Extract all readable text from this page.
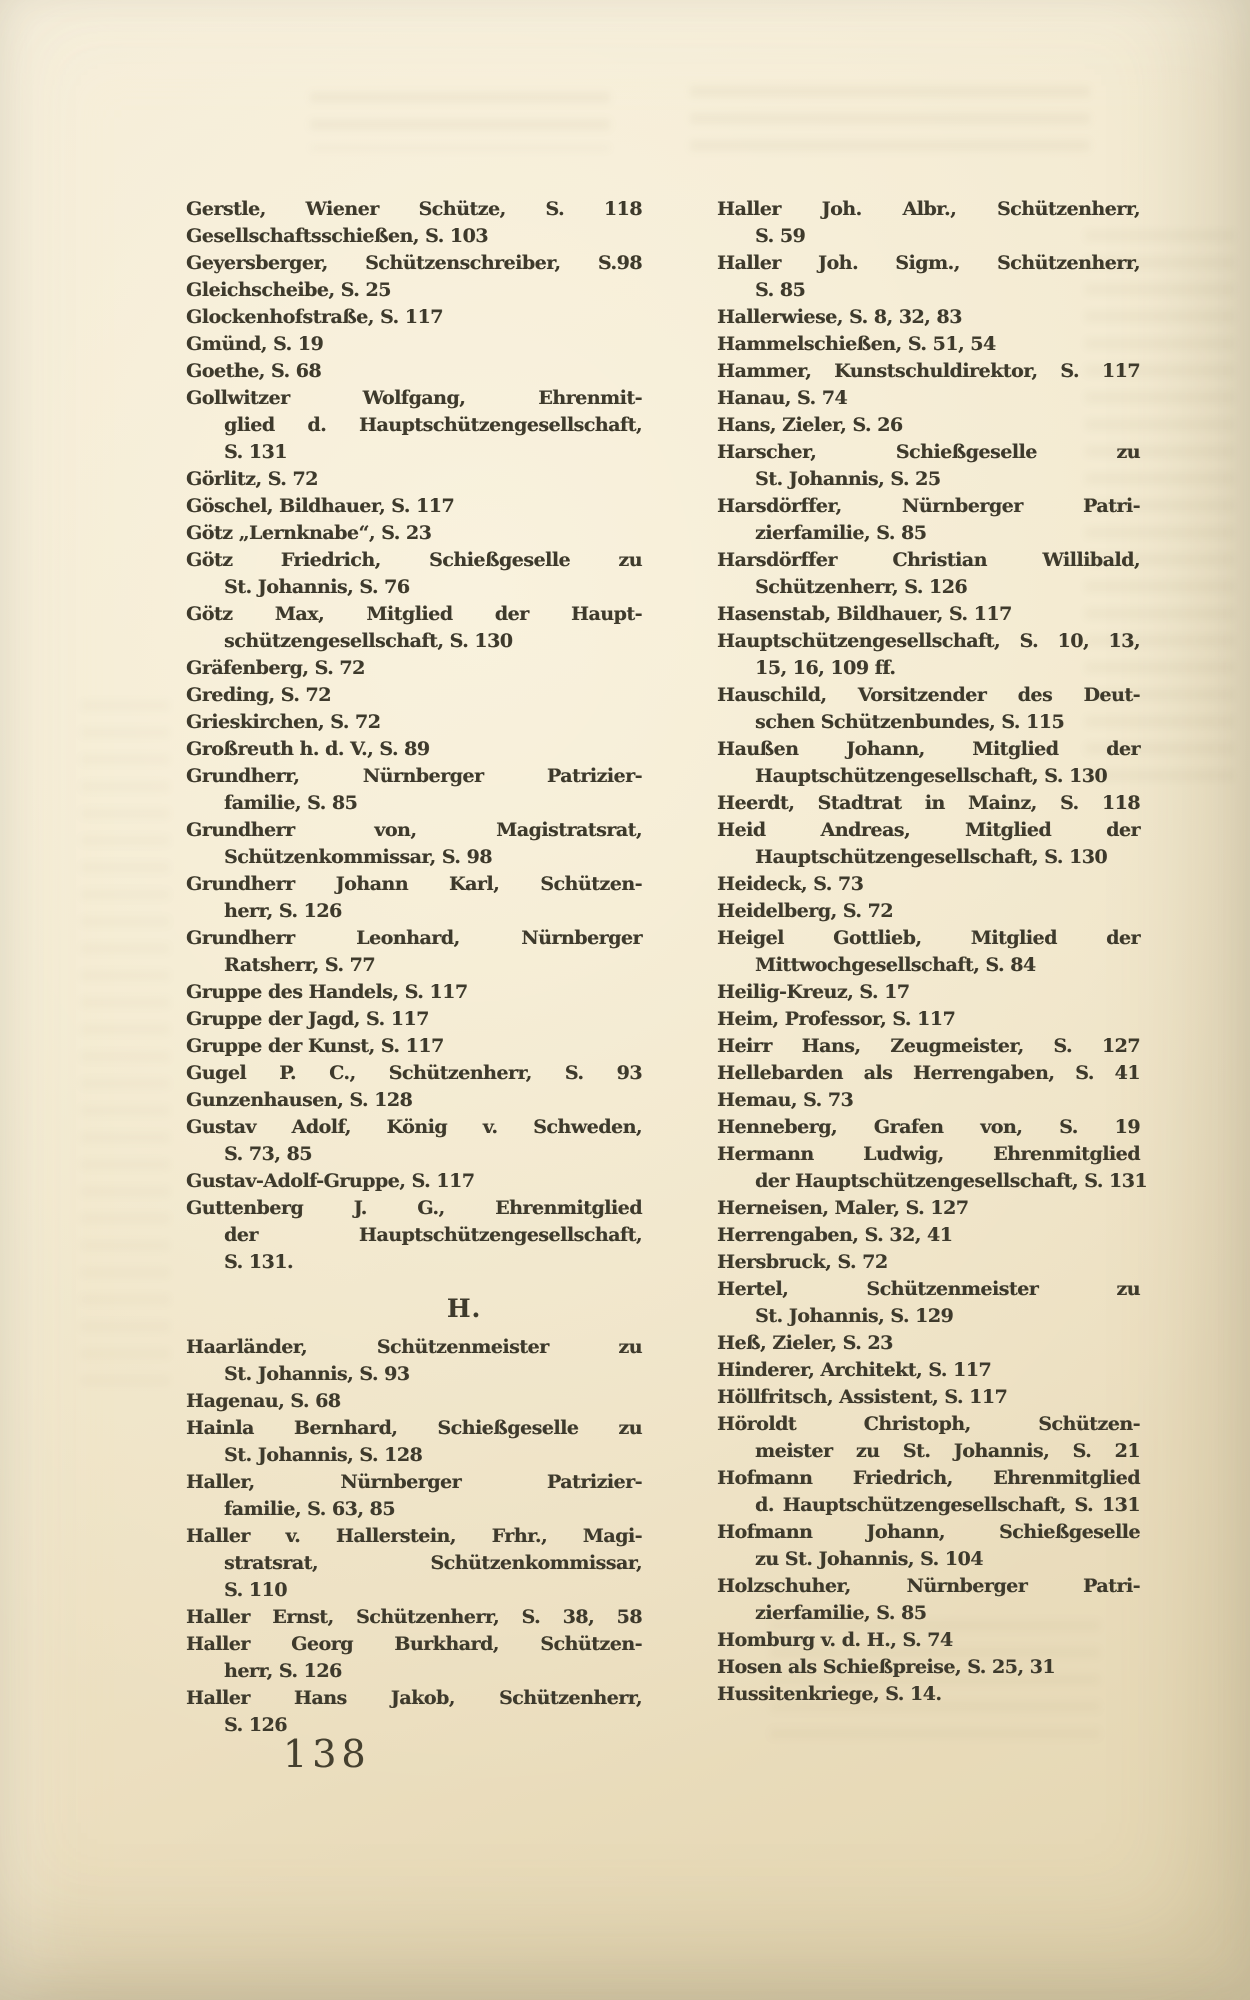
Gerstle, Wiener Schütze, S. 118
Gesellschaftsschießen, S. 103
Geyersberger, Schützenschreiber, S.98
Gleichscheibe, S. 25
Glockenhofstraße, S. 117
Gmünd, S. 19
Goethe, S. 68
Gollwitzer Wolfgang, Ehrenmit-
glied d. Hauptschützengesellschaft,
S. 131
Görlitz, S. 72
Göschel, Bildhauer, S. 117
Götz „Lernknabe“, S. 23
Götz Friedrich, Schießgeselle zu
St. Johannis, S. 76
Götz Max, Mitglied der Haupt-
schützengesellschaft, S. 130
Gräfenberg, S. 72
Greding, S. 72
Grieskirchen, S. 72
Großreuth h. d. V., S. 89
Grundherr, Nürnberger Patrizier-
familie, S. 85
Grundherr von, Magistratsrat,
Schützenkommissar, S. 98
Grundherr Johann Karl, Schützen-
herr, S. 126
Grundherr Leonhard, Nürnberger
Ratsherr, S. 77
Gruppe des Handels, S. 117
Gruppe der Jagd, S. 117
Gruppe der Kunst, S. 117
Gugel P. C., Schützenherr, S. 93
Gunzenhausen, S. 128
Gustav Adolf, König v. Schweden,
S. 73, 85
Gustav-Adolf-Gruppe, S. 117
Guttenberg J. G., Ehrenmitglied
der Hauptschützengesellschaft,
S. 131.
H.
Haarländer, Schützenmeister zu
St. Johannis, S. 93
Hagenau, S. 68
Hainla Bernhard, Schießgeselle zu
St. Johannis, S. 128
Haller, Nürnberger Patrizier-
familie, S. 63, 85
Haller v. Hallerstein, Frhr., Magi-
stratsrat, Schützenkommissar,
S. 110
Haller Ernst, Schützenherr, S. 38, 58
Haller Georg Burkhard, Schützen-
herr, S. 126
Haller Hans Jakob, Schützenherr,
S. 126
Haller Joh. Albr., Schützenherr,
S. 59
Haller Joh. Sigm., Schützenherr,
S. 85
Hallerwiese, S. 8, 32, 83
Hammelschießen, S. 51, 54
Hammer, Kunstschuldirektor, S. 117
Hanau, S. 74
Hans, Zieler, S. 26
Harscher, Schießgeselle zu
St. Johannis, S. 25
Harsdörffer, Nürnberger Patri-
zierfamilie, S. 85
Harsdörffer Christian Willibald,
Schützenherr, S. 126
Hasenstab, Bildhauer, S. 117
Hauptschützengesellschaft, S. 10, 13,
15, 16, 109 ff.
Hauschild, Vorsitzender des Deut-
schen Schützenbundes, S. 115
Haußen Johann, Mitglied der
Hauptschützengesellschaft, S. 130
Heerdt, Stadtrat in Mainz, S. 118
Heid Andreas, Mitglied der
Hauptschützengesellschaft, S. 130
Heideck, S. 73
Heidelberg, S. 72
Heigel Gottlieb, Mitglied der
Mittwochgesellschaft, S. 84
Heilig-Kreuz, S. 17
Heim, Professor, S. 117
Heirr Hans, Zeugmeister, S. 127
Hellebarden als Herrengaben, S. 41
Hemau, S. 73
Henneberg, Grafen von, S. 19
Hermann Ludwig, Ehrenmitglied
der Hauptschützengesellschaft, S. 131
Herneisen, Maler, S. 127
Herrengaben, S. 32, 41
Hersbruck, S. 72
Hertel, Schützenmeister zu
St. Johannis, S. 129
Heß, Zieler, S. 23
Hinderer, Architekt, S. 117
Höllfritsch, Assistent, S. 117
Höroldt Christoph, Schützen-
meister zu St. Johannis, S. 21
Hofmann Friedrich, Ehrenmitglied
d. Hauptschützengesellschaft, S. 131
Hofmann Johann, Schießgeselle
zu St. Johannis, S. 104
Holzschuher, Nürnberger Patri-
zierfamilie, S. 85
Homburg v. d. H., S. 74
Hosen als Schießpreise, S. 25, 31
Hussitenkriege, S. 14.
138
